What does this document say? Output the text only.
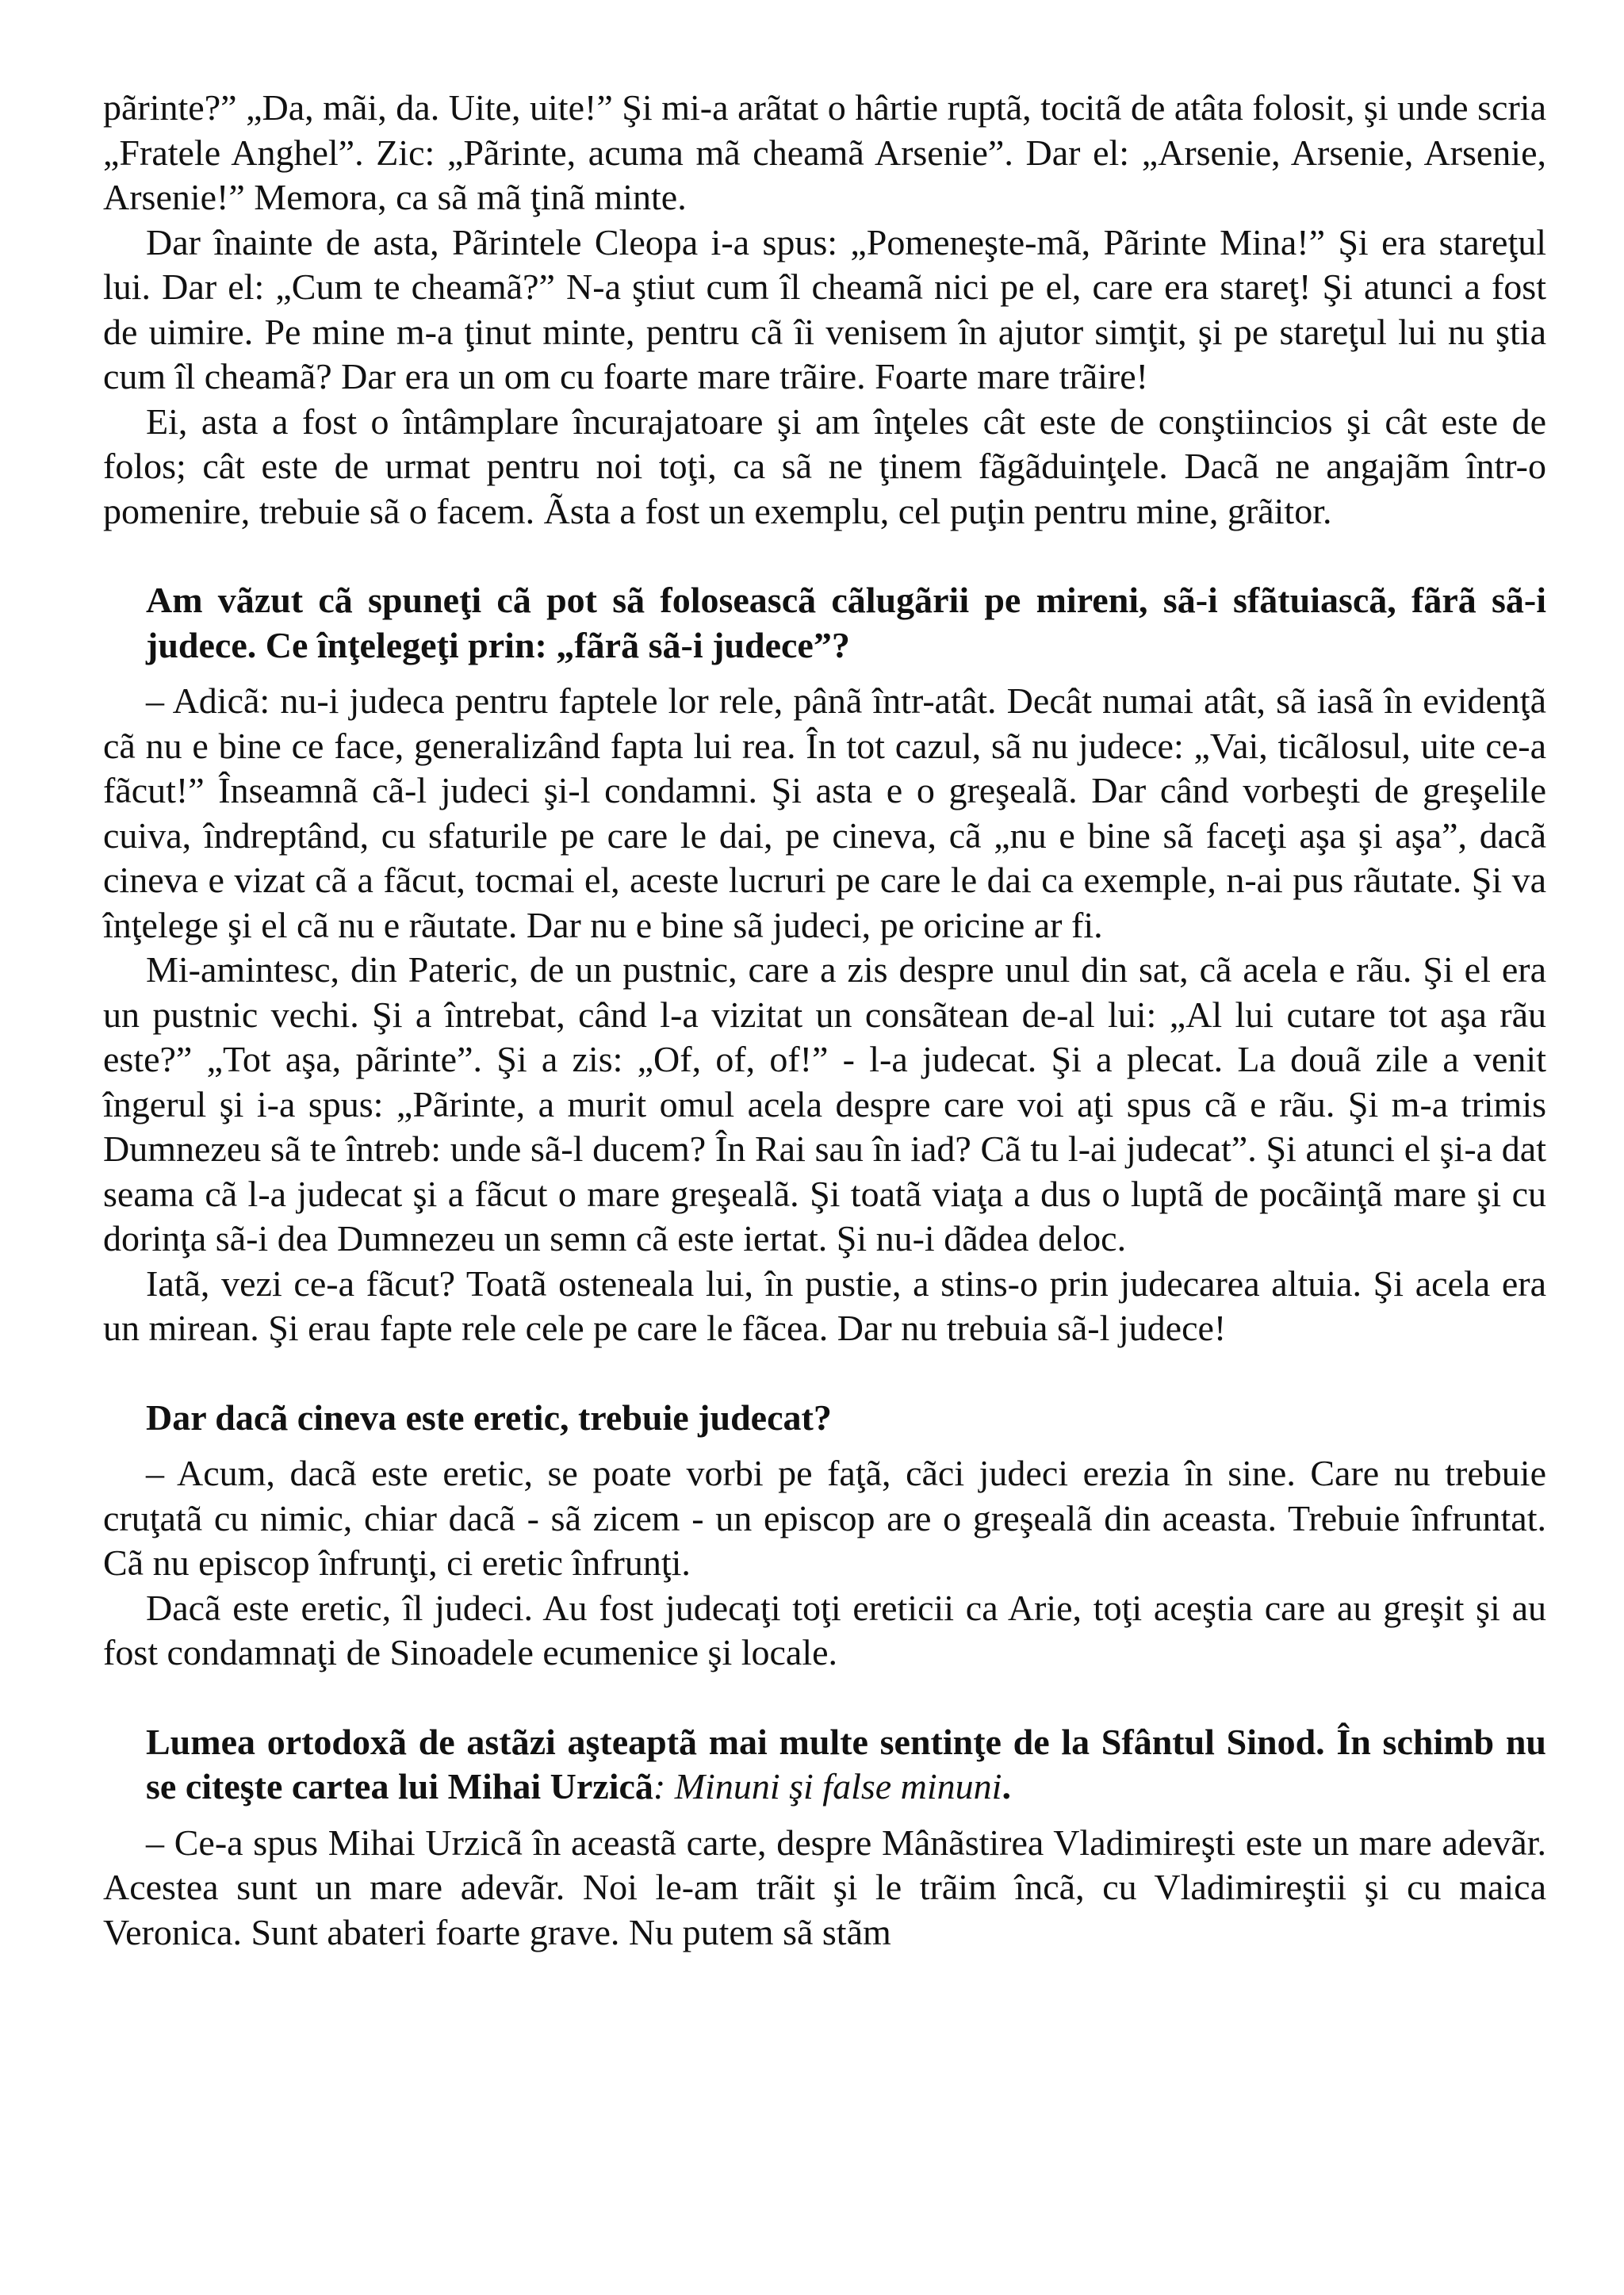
pãrinte?” „Da, mãi, da. Uite, uite!” Şi mi-a arãtat o hârtie ruptã, tocitã de atâta folosit, şi unde scria „Fratele Anghel”. Zic: „Pãrinte, acuma mã cheamã Arsenie”. Dar el: „Arsenie, Arsenie, Arsenie, Arsenie!” Memora, ca sã mã ţinã minte.

Dar înainte de asta, Pãrintele Cleopa i-a spus: „Pomeneşte-mã, Pãrinte Mina!” Şi era stareţul lui. Dar el: „Cum te cheamã?” N-a ştiut cum îl cheamã nici pe el, care era stareţ! Şi atunci a fost de uimire. Pe mine m-a ţinut minte, pentru cã îi venisem în ajutor simţit, şi pe stareţul lui nu ştia cum îl cheamã? Dar era un om cu foarte mare trãire. Foarte mare trãire!

Ei, asta a fost o întâmplare încurajatoare şi am înţeles cât este de conştiincios şi cât este de folos; cât este de urmat pentru noi toţi, ca sã ne ţinem fãgãduinţele. Dacã ne angajãm într-o pomenire, trebuie sã o facem. Ãsta a fost un exemplu, cel puţin pentru mine, grãitor.

Am vãzut cã spuneţi cã pot sã foloseascã cãlugãrii pe mireni, sã-i sfãtuiascã, fãrã sã-i judece. Ce înţelegeţi prin: „fãrã sã-i judece”?

– Adicã: nu-i judeca pentru faptele lor rele, pânã într-atât. Decât numai atât, sã iasã în evidenţã cã nu e bine ce face, generalizând fapta lui rea. În tot cazul, sã nu judece: „Vai, ticãlosul, uite ce-a fãcut!” Înseamnã cã-l judeci şi-l condamni. Şi asta e o greşealã. Dar când vorbeşti de greşelile cuiva, îndreptând, cu sfaturile pe care le dai, pe cineva, cã „nu e bine sã faceţi aşa şi aşa”, dacã cineva e vizat cã a fãcut, tocmai el, aceste lucruri pe care le dai ca exemple, n-ai pus rãutate. Şi va înţelege şi el cã nu e rãutate. Dar nu e bine sã judeci, pe oricine ar fi.

Mi-amintesc, din Pateric, de un pustnic, care a zis despre unul din sat, cã acela e rãu. Şi el era un pustnic vechi. Şi a întrebat, când l-a vizitat un consãtean de-al lui: „Al lui cutare tot aşa rãu este?” „Tot aşa, pãrinte”. Şi a zis: „Of, of, of!” - l-a judecat. Şi a plecat. La douã zile a venit îngerul şi i-a spus: „Pãrinte, a murit omul acela despre care voi aţi spus cã e rãu. Şi m-a trimis Dumnezeu sã te întreb: unde sã-l ducem? În Rai sau în iad? Cã tu l-ai judecat”. Şi atunci el şi-a dat seama cã l-a judecat şi a fãcut o mare greşealã. Şi toatã viaţa a dus o luptã de pocãinţã mare şi cu dorinţa sã-i dea Dumnezeu un semn cã este iertat. Şi nu-i dãdea deloc.

Iatã, vezi ce-a fãcut? Toatã osteneala lui, în pustie, a stins-o prin judecarea altuia. Şi acela era un mirean. Şi erau fapte rele cele pe care le fãcea. Dar nu trebuia sã-l judece!

Dar dacã cineva este eretic, trebuie judecat?

– Acum, dacã este eretic, se poate vorbi pe faţã, cãci judeci erezia în sine. Care nu trebuie cruţatã cu nimic, chiar dacã - sã zicem - un episcop are o greşealã din aceasta. Trebuie înfruntat. Cã nu episcop înfrunţi, ci eretic înfrunţi.

Dacã este eretic, îl judeci. Au fost judecaţi toţi ereticii ca Arie, toţi aceştia care au greşit şi au fost condamnaţi de Sinoadele ecumenice şi locale.

Lumea ortodoxã de astãzi aşteaptã mai multe sentinţe de la Sfântul Sinod. În schimb nu se citeşte cartea lui Mihai Urzicã: Minuni şi false minuni.

– Ce-a spus Mihai Urzicã în aceastã carte, despre Mânãstirea Vladimireşti este un mare adevãr. Acestea sunt un mare adevãr. Noi le-am trãit şi le trãim încã, cu Vladimireştii şi cu maica Veronica. Sunt abateri foarte grave. Nu putem sã stãm
